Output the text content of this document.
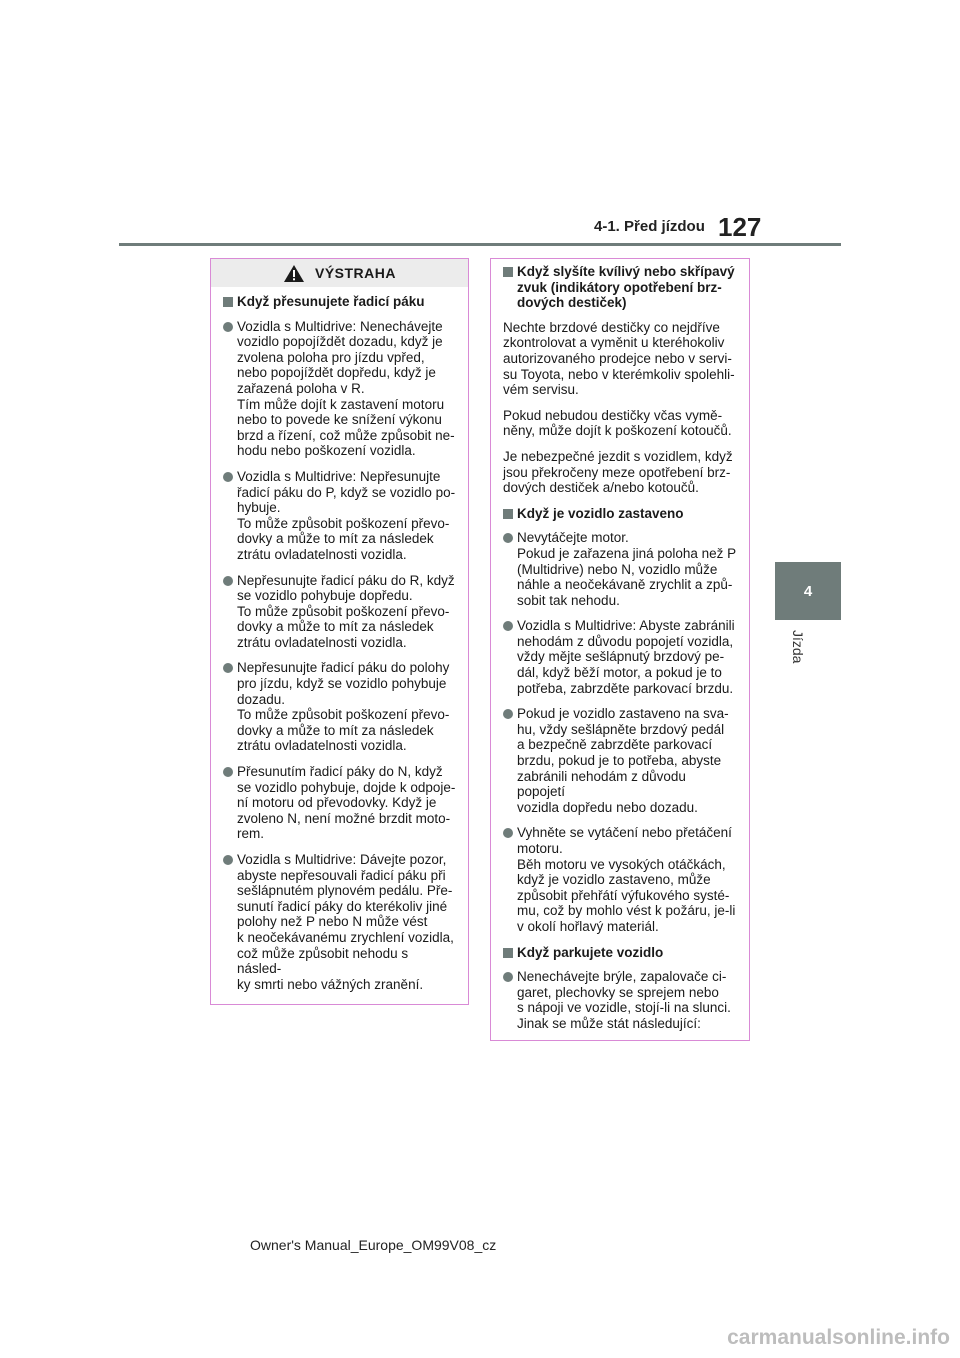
4-1. Před jízdou 127
4
Jízda
VÝSTRAHA
Když přesunujete řadicí páku
Vozidla s Multidrive: Nenechávejte
vozidlo popojíždět dozadu, když je
zvolena poloha pro jízdu vpřed,
nebo popojíždět dopředu, když je
zařazená poloha v R.
Tím může dojít k zastavení motoru
nebo to povede ke snížení výkonu
brzd a řízení, což může způsobit ne-
hodu nebo poškození vozidla.
Vozidla s Multidrive: Nepřesunujte
řadicí páku do P, když se vozidlo po-
hybuje.
To může způsobit poškození převo-
dovky a může to mít za následek
ztrátu ovladatelnosti vozidla.
Nepřesunujte řadicí páku do R, když
se vozidlo pohybuje dopředu.
To může způsobit poškození převo-
dovky a může to mít za následek
ztrátu ovladatelnosti vozidla.
Nepřesunujte řadicí páku do polohy
pro jízdu, když se vozidlo pohybuje
dozadu.
To může způsobit poškození převo-
dovky a může to mít za následek
ztrátu ovladatelnosti vozidla.
Přesunutím řadicí páky do N, když
se vozidlo pohybuje, dojde k odpoje-
ní motoru od převodovky. Když je
zvoleno N, není možné brzdit moto-
rem.
Vozidla s Multidrive: Dávejte pozor,
abyste nepřesouvali řadicí páku při
sešlápnutém plynovém pedálu. Pře-
sunutí řadicí páky do kterékoliv jiné
polohy než P nebo N může vést
k neočekávanému zrychlení vozidla,
což může způsobit nehodu s násled-
ky smrti nebo vážných zranění.
Když slyšíte kvílivý nebo skřípavý
zvuk (indikátory opotřebení brz-
dových destiček)
Nechte brzdové destičky co nejdříve
zkontrolovat a vyměnit u kteréhokoliv
autorizovaného prodejce nebo v servi-
su Toyota, nebo v kterémkoliv spolehli-
vém servisu.
Pokud nebudou destičky včas vymě-
něny, může dojít k poškození kotoučů.
Je nebezpečné jezdit s vozidlem, když
jsou překročeny meze opotřebení brz-
dových destiček a/nebo kotoučů.
Když je vozidlo zastaveno
Nevytáčejte motor.
Pokud je zařazena jiná poloha než P
(Multidrive) nebo N, vozidlo může
náhle a neočekávaně zrychlit a způ-
sobit tak nehodu.
Vozidla s Multidrive: Abyste zabránili
nehodám z důvodu popojetí vozidla,
vždy mějte sešlápnutý brzdový pe-
dál, když běží motor, a pokud je to
potřeba, zabrzděte parkovací brzdu.
Pokud je vozidlo zastaveno na sva-
hu, vždy sešlápněte brzdový pedál
a bezpečně zabrzděte parkovací
brzdu, pokud je to potřeba, abyste
zabránili nehodám z důvodu popojetí
vozidla dopředu nebo dozadu.
Vyhněte se vytáčení nebo přetáčení
motoru.
Běh motoru ve vysokých otáčkách,
když je vozidlo zastaveno, může
způsobit přehřátí výfukového systé-
mu, což by mohlo vést k požáru, je-li
v okolí hořlavý materiál.
Když parkujete vozidlo
Nenechávejte brýle, zapalovače ci-
garet, plechovky se sprejem nebo
s nápoji ve vozidle, stojí-li na slunci.
Jinak se může stát následující:
Owner's Manual_Europe_OM99V08_cz
carmanualsonline.info
